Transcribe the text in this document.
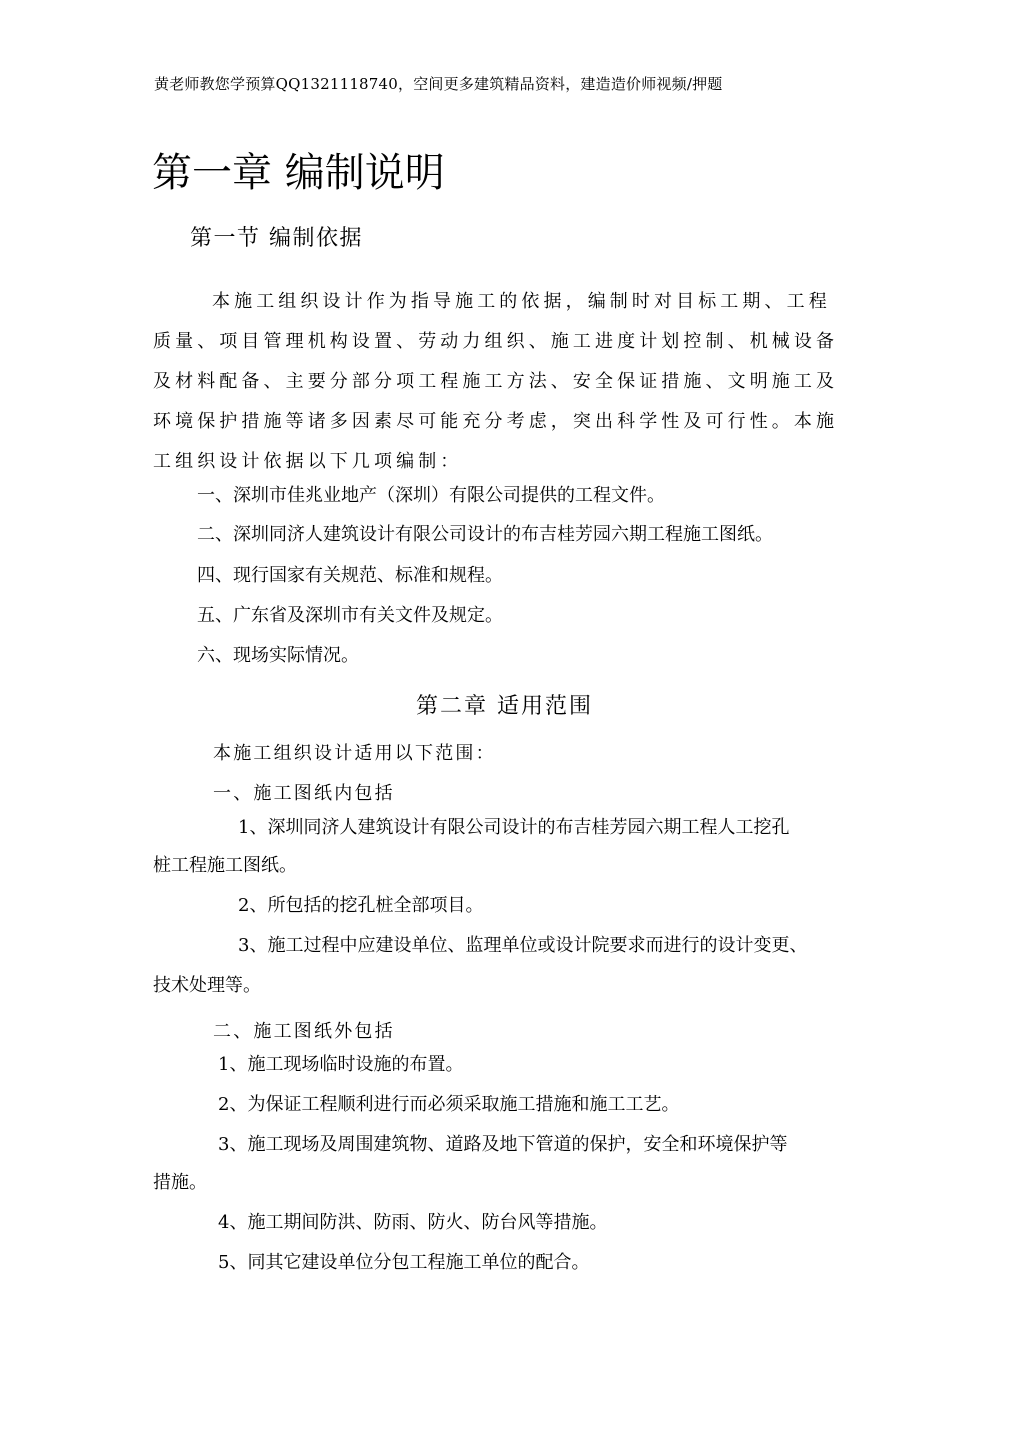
黄老师教您学预算QQ1321118740，空间更多建筑精品资料，建造造价师视频/押题

第一章 编制说明
第一节 编制依据

本施工组织设计作为指导施工的依据，编制时对目标工期、工程

质量、项目管理机构设置、劳动力组织、施工进度计划控制、机械设备

及材料配备、主要分部分项工程施工方法、安全保证措施、文明施工及

环境保护措施等诸多因素尽可能充分考虑，突出科学性及可行性。本施

工组织设计依据以下几项编制：

一、深圳市佳兆业地产（深圳）有限公司提供的工程文件。

二、深圳同济人建筑设计有限公司设计的布吉桂芳园六期工程施工图纸。

四、现行国家有关规范、标准和规程。

五、广东省及深圳市有关文件及规定。

六、现场实际情况。

第二章 适用范围

本施工组织设计适用以下范围：

一、施工图纸内包括

1、深圳同济人建筑设计有限公司设计的布吉桂芳园六期工程人工挖孔

桩工程施工图纸。

2、所包括的挖孔桩全部项目。

3、施工过程中应建设单位、监理单位或设计院要求而进行的设计变更、

技术处理等。

二、施工图纸外包括

1、施工现场临时设施的布置。

2、为保证工程顺利进行而必须采取施工措施和施工工艺。

3、施工现场及周围建筑物、道路及地下管道的保护，安全和环境保护等

措施。

4、施工期间防洪、防雨、防火、防台风等措施。

5、同其它建设单位分包工程施工单位的配合。
